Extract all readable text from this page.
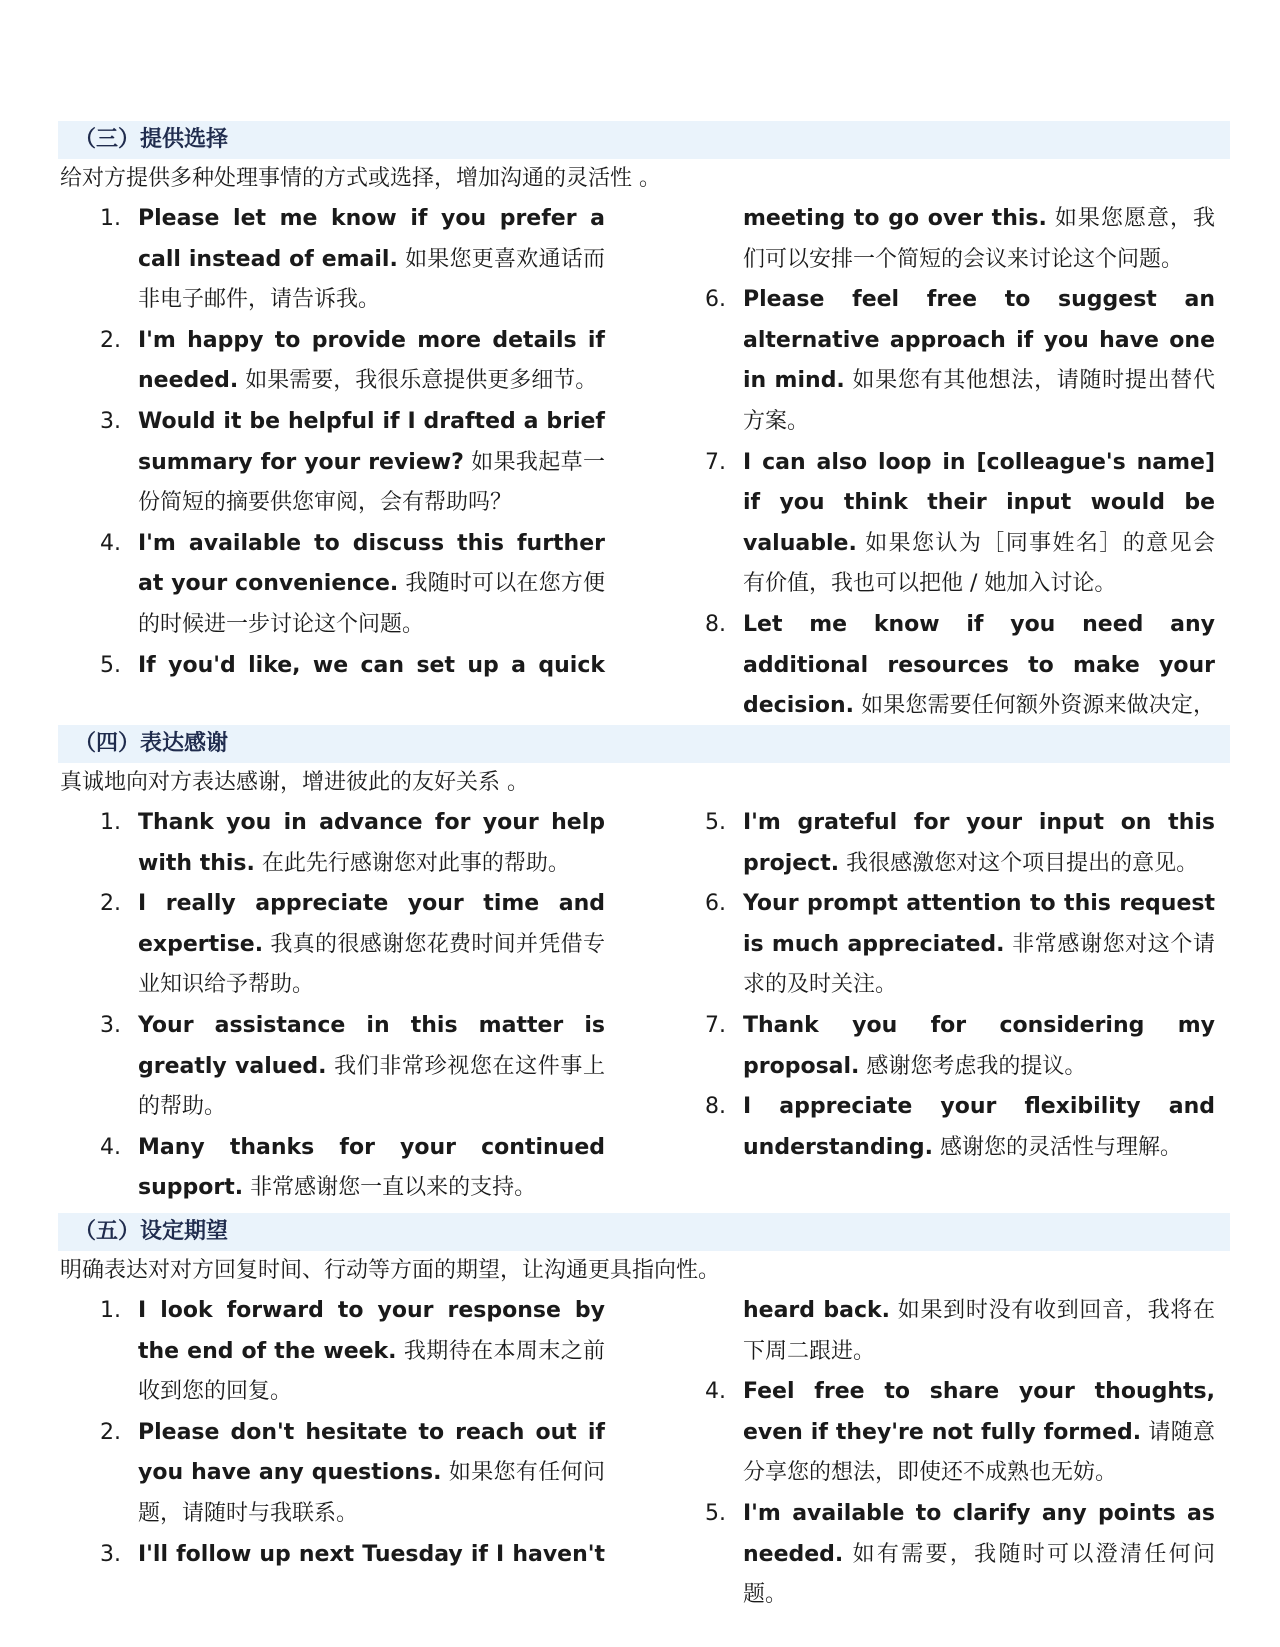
（三）提供选择
给对方提供多种处理事情的方式或选择，增加沟通的灵活性 。
1. Please let me know if you prefer a call instead of email. 如果您更喜欢通话而非电子邮件，请告诉我。
2. I'm happy to provide more details if needed. 如果需要，我很乐意提供更多细节。
3. Would it be helpful if I drafted a brief summary for your review? 如果我起草一份简短的摘要供您审阅，会有帮助吗？
4. I'm available to discuss this further at your convenience. 我随时可以在您方便的时候进一步讨论这个问题。
5. If you'd like, we can set up a quick
meeting to go over this. 如果您愿意，我们可以安排一个简短的会议来讨论这个问题。
6. Please feel free to suggest an alternative approach if you have one in mind. 如果您有其他想法，请随时提出替代方案。
7. I can also loop in [colleague's name] if you think their input would be valuable. 如果您认为［同事姓名］的意见会有价值，我也可以把他 / 她加入讨论。
8. Let me know if you need any additional resources to make your decision. 如果您需要任何额外资源来做决定，
（四）表达感谢
真诚地向对方表达感谢，增进彼此的友好关系 。
1. Thank you in advance for your help with this. 在此先行感谢您对此事的帮助。
2. I really appreciate your time and expertise. 我真的很感谢您花费时间并凭借专业知识给予帮助。
3. Your assistance in this matter is greatly valued. 我们非常珍视您在这件事上的帮助。
4. Many thanks for your continued support. 非常感谢您一直以来的支持。
5. I'm grateful for your input on this project. 我很感激您对这个项目提出的意见。
6. Your prompt attention to this request is much appreciated. 非常感谢您对这个请求的及时关注。
7. Thank you for considering my proposal. 感谢您考虑我的提议。
8. I appreciate your flexibility and understanding. 感谢您的灵活性与理解。
（五）设定期望
明确表达对对方回复时间、行动等方面的期望，让沟通更具指向性。
1. I look forward to your response by the end of the week. 我期待在本周末之前收到您的回复。
2. Please don't hesitate to reach out if you have any questions. 如果您有任何问题，请随时与我联系。
3. I'll follow up next Tuesday if I haven't
heard back. 如果到时没有收到回音，我将在下周二跟进。
4. Feel free to share your thoughts, even if they're not fully formed. 请随意分享您的想法，即使还不成熟也无妨。
5. I'm available to clarify any points as needed. 如有需要，我随时可以澄清任何问题。
